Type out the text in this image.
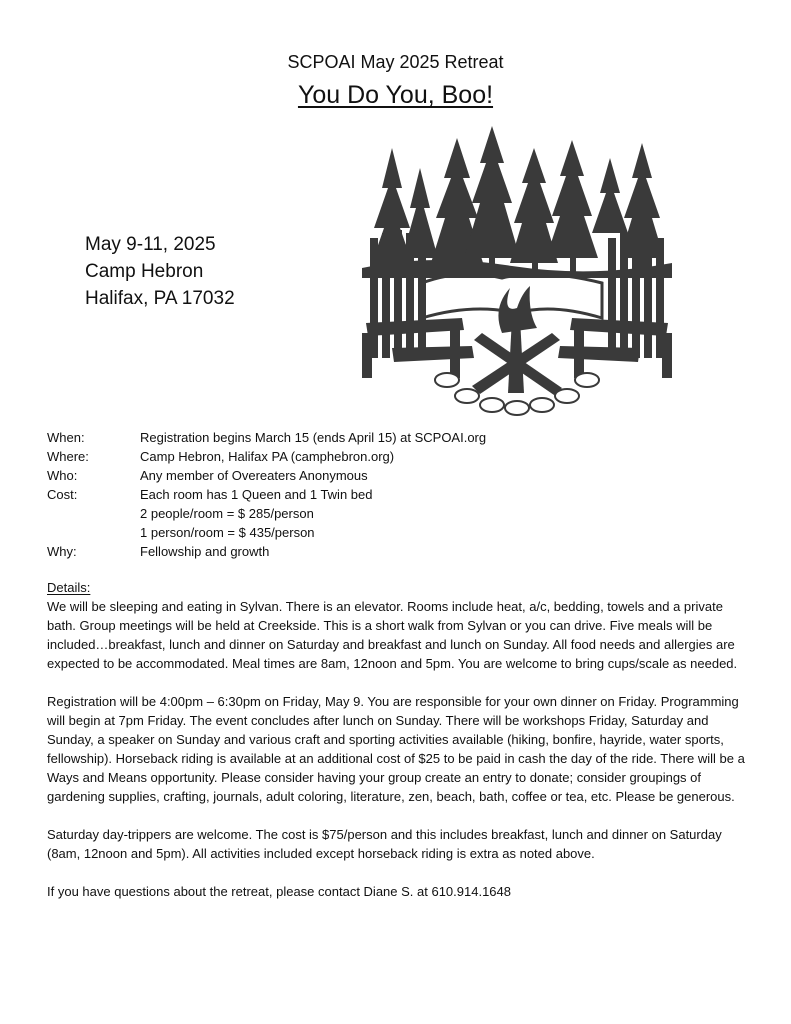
SCPOAI May 2025 Retreat
You Do You, Boo!
May 9-11, 2025
Camp Hebron
Halifax, PA 17032
When:	Registration begins March 15 (ends April 15) at SCPOAI.org
Where:	Camp Hebron, Halifax PA (camphebron.org)
Who:	Any member of Overeaters Anonymous
Cost:	Each room has 1 Queen and 1 Twin bed
2 people/room = $ 285/person
1 person/room = $ 435/person
Why:	Fellowship and growth
Details:

We will be sleeping and eating in Sylvan. There is an elevator. Rooms include heat, a/c, bedding, towels and a private bath. Group meetings will be held at Creekside. This is a short walk from Sylvan or you can drive. Five meals will be included…breakfast, lunch and dinner on Saturday and breakfast and lunch on Sunday. All food needs and allergies are expected to be accommodated. Meal times are 8am, 12noon and 5pm. You are welcome to bring cups/scale as needed.

Registration will be 4:00pm – 6:30pm on Friday, May 9. You are responsible for your own dinner on Friday. Programming will begin at 7pm Friday. The event concludes after lunch on Sunday. There will be workshops Friday, Saturday and Sunday, a speaker on Sunday and various craft and sporting activities available (hiking, bonfire, hayride, water sports, fellowship). Horseback riding is available at an additional cost of $25 to be paid in cash the day of the ride. There will be a Ways and Means opportunity. Please consider having your group create an entry to donate; consider groupings of gardening supplies, crafting, journals, adult coloring, literature, zen, beach, bath, coffee or tea, etc. Please be generous.

Saturday day-trippers are welcome. The cost is $75/person and this includes breakfast, lunch and dinner on Saturday (8am, 12noon and 5pm). All activities included except horseback riding is extra as noted above.

If you have questions about the retreat, please contact Diane S. at 610.914.1648
